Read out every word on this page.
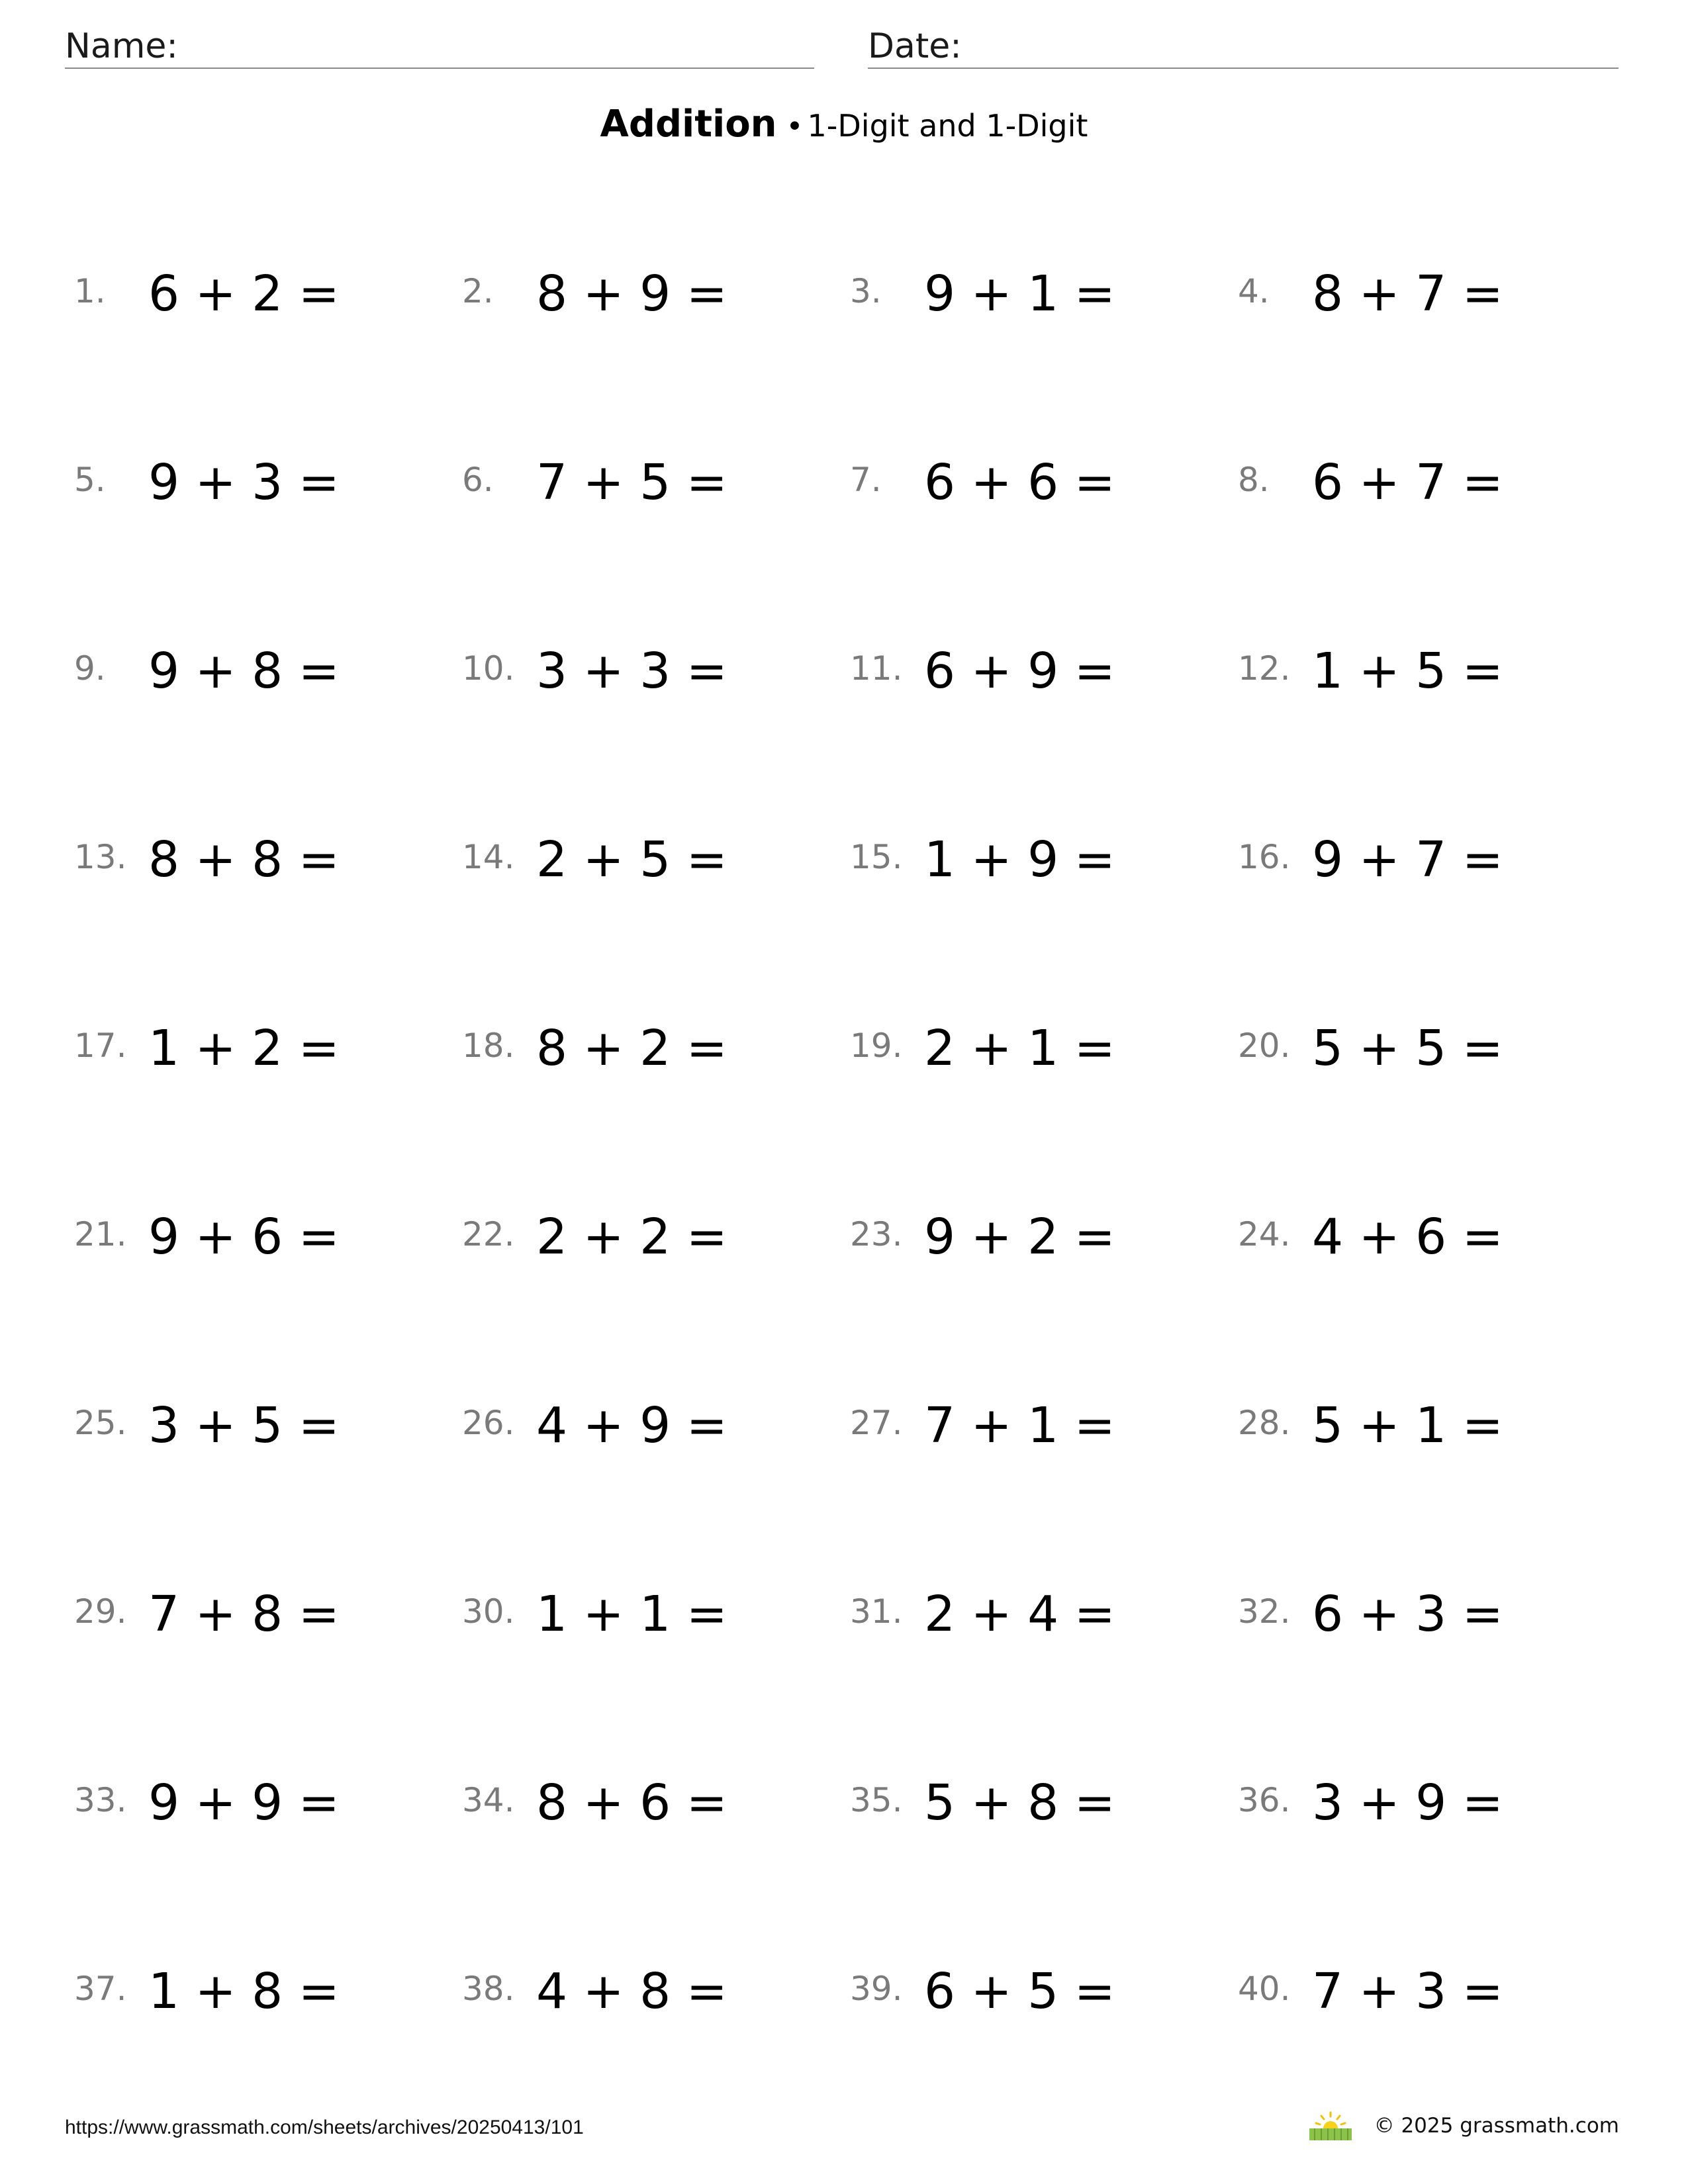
Name:	Date:
Addition • 1-Digit and 1-Digit
1. 6 + 2 =	2. 8 + 9 =	3. 9 + 1 =	4. 8 + 7 =
5. 9 + 3 =	6. 7 + 5 =	7. 6 + 6 =	8. 6 + 7 =
9. 9 + 8 =	10. 3 + 3 =	11. 6 + 9 =	12. 1 + 5 =
13. 8 + 8 =	14. 2 + 5 =	15. 1 + 9 =	16. 9 + 7 =
17. 1 + 2 =	18. 8 + 2 =	19. 2 + 1 =	20. 5 + 5 =
21. 9 + 6 =	22. 2 + 2 =	23. 9 + 2 =	24. 4 + 6 =
25. 3 + 5 =	26. 4 + 9 =	27. 7 + 1 =	28. 5 + 1 =
29. 7 + 8 =	30. 1 + 1 =	31. 2 + 4 =	32. 6 + 3 =
33. 9 + 9 =	34. 8 + 6 =	35. 5 + 8 =	36. 3 + 9 =
37. 1 + 8 =	38. 4 + 8 =	39. 6 + 5 =	40. 7 + 3 =
https://www.grassmath.com/sheets/archives/20250413/101	© 2025 grassmath.com
